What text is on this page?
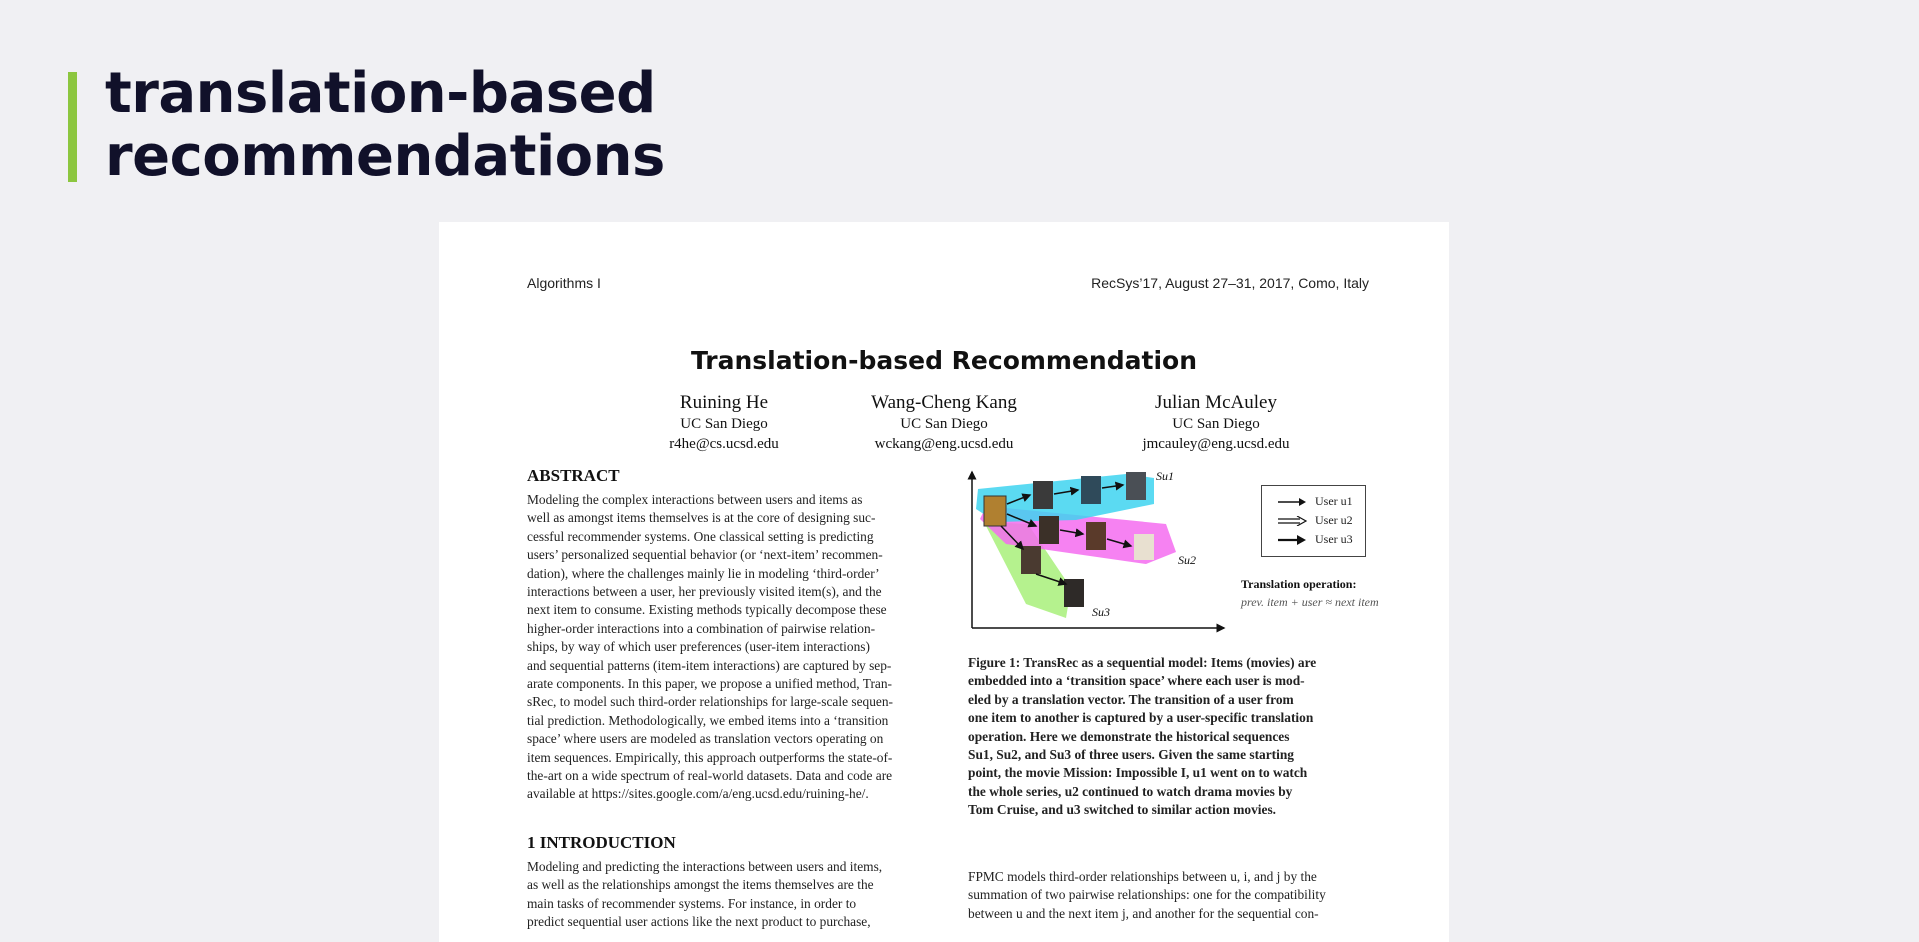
translation-based
recommendations
Algorithms I	RecSys’17, August 27–31, 2017, Como, Italy
Translation-based Recommendation
Ruining He
UC San Diego
r4he@cs.ucsd.edu
Wang-Cheng Kang
UC San Diego
wckang@eng.ucsd.edu
Julian McAuley
UC San Diego
jmcauley@eng.ucsd.edu
ABSTRACT
Modeling the complex interactions between users and items as
well as amongst items themselves is at the core of designing suc-
cessful recommender systems. One classical setting is predicting
users’ personalized sequential behavior (or ‘next-item’ recommen-
dation), where the challenges mainly lie in modeling ‘third-order’
interactions between a user, her previously visited item(s), and the
next item to consume. Existing methods typically decompose these
higher-order interactions into a combination of pairwise relation-
ships, by way of which user preferences (user-item interactions)
and sequential patterns (item-item interactions) are captured by sep-
arate components. In this paper, we propose a unified method, Tran-
sRec, to model such third-order relationships for large-scale sequen-
tial prediction. Methodologically, we embed items into a ‘transition
space’ where users are modeled as translation vectors operating on
item sequences. Empirically, this approach outperforms the state-of-
the-art on a wide spectrum of real-world datasets. Data and code are
available at https://sites.google.com/a/eng.ucsd.edu/ruining-he/.
1 INTRODUCTION
Modeling and predicting the interactions between users and items,
as well as the relationships amongst the items themselves are the
main tasks of recommender systems. For instance, in order to
predict sequential user actions like the next product to purchase,
Su1
Su2
Su3
User u1
User u2
User u3
Translation operation:
prev. item + user ≈ next item
Figure 1: TransRec as a sequential model: Items (movies) are
embedded into a ‘transition space’ where each user is mod-
eled by a translation vector. The transition of a user from
one item to another is captured by a user-specific translation
operation. Here we demonstrate the historical sequences
Su1, Su2, and Su3 of three users. Given the same starting
point, the movie Mission: Impossible I, u1 went on to watch
the whole series, u2 continued to watch drama movies by
Tom Cruise, and u3 switched to similar action movies.
FPMC models third-order relationships between u, i, and j by the
summation of two pairwise relationships: one for the compatibility
between u and the next item j, and another for the sequential con-
